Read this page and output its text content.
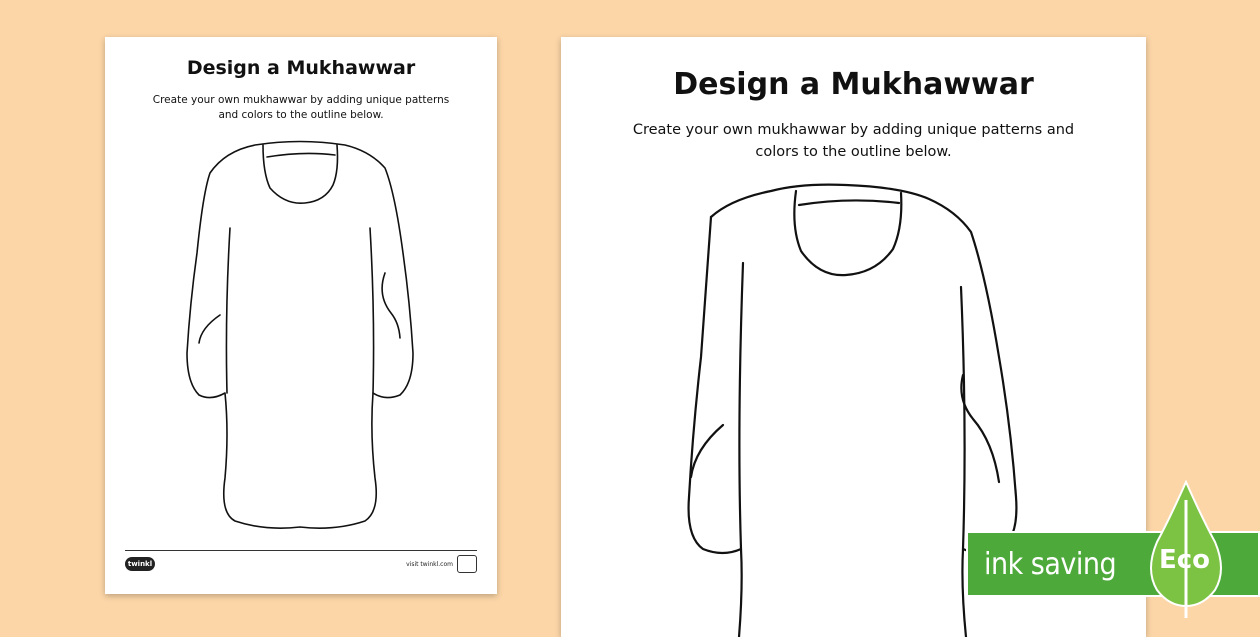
Design a Mukhawwar
Create your own mukhawwar by adding unique patterns and colors to the outline below.
twinkl	visit twinkl.com
Design a Mukhawwar
Create your own mukhawwar by adding unique patterns and colors to the outline below.
ink saving Eco
